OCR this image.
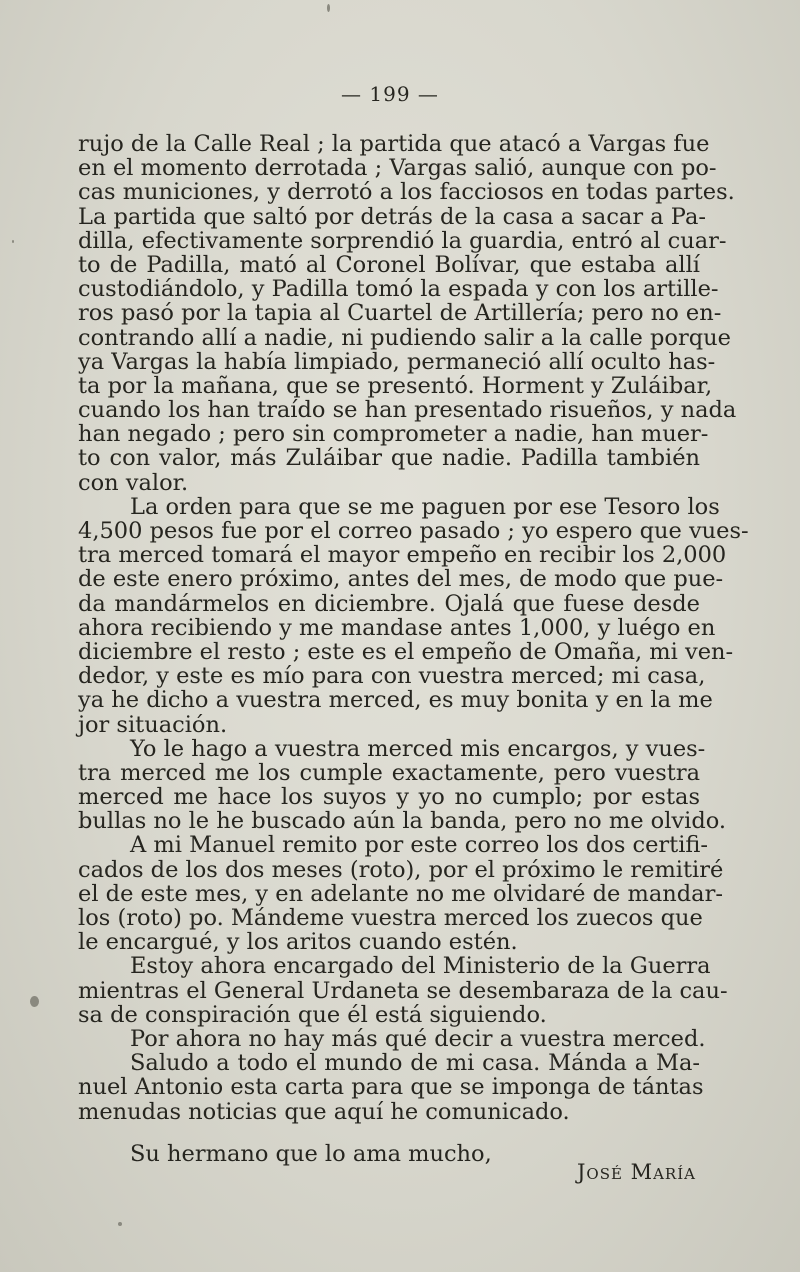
— 199 —
rujo de la Calle Real ; la partida que atacó a Vargas fue
en el momento derrotada ; Vargas salió, aunque con po-
cas municiones, y derrotó a los facciosos en todas partes.
La partida que saltó por detrás de la casa a sacar a Pa-
dilla, efectivamente sorprendió la guardia, entró al cuar-
to de Padilla, mató al Coronel Bolívar, que estaba allí
custodiándolo, y Padilla tomó la espada y con los artille-
ros pasó por la tapia al Cuartel de Artillería; pero no en-
contrando allí a nadie, ni pudiendo salir a la calle porque
ya Vargas la había limpiado, permaneció allí oculto has-
ta por la mañana, que se presentó. Horment y Zuláibar,
cuando los han traído se han presentado risueños, y nada
han negado ; pero sin comprometer a nadie, han muer-
to con valor, más Zuláibar que nadie. Padilla también
con valor.
La orden para que se me paguen por ese Tesoro los
4,500 pesos fue por el correo pasado ; yo espero que vues-
tra merced tomará el mayor empeño en recibir los 2,000
de este enero próximo, antes del mes, de modo que pue-
da mandármelos en diciembre. Ojalá que fuese desde
ahora recibiendo y me mandase antes 1,000, y luégo en
diciembre el resto ; este es el empeño de Omaña, mi ven-
dedor, y este es mío para con vuestra merced; mi casa,
ya he dicho a vuestra merced, es muy bonita y en la me
jor situación.
Yo le hago a vuestra merced mis encargos, y vues-
tra merced me los cumple exactamente, pero vuestra
merced me hace los suyos y yo no cumplo; por estas
bullas no le he buscado aún la banda, pero no me olvido.
A mi Manuel remito por este correo los dos certifi-
cados de los dos meses (roto), por el próximo le remitiré
el de este mes, y en adelante no me olvidaré de mandar-
los (roto) po. Mándeme vuestra merced los zuecos que
le encargué, y los aritos cuando estén.
Estoy ahora encargado del Ministerio de la Guerra
mientras el General Urdaneta se desembaraza de la cau-
sa de conspiración que él está siguiendo.
Por ahora no hay más qué decir a vuestra merced.
Saludo a todo el mundo de mi casa. Mánda a Ma-
nuel Antonio esta carta para que se imponga de tántas
menudas noticias que aquí he comunicado.
Su hermano que lo ama mucho,
José María
